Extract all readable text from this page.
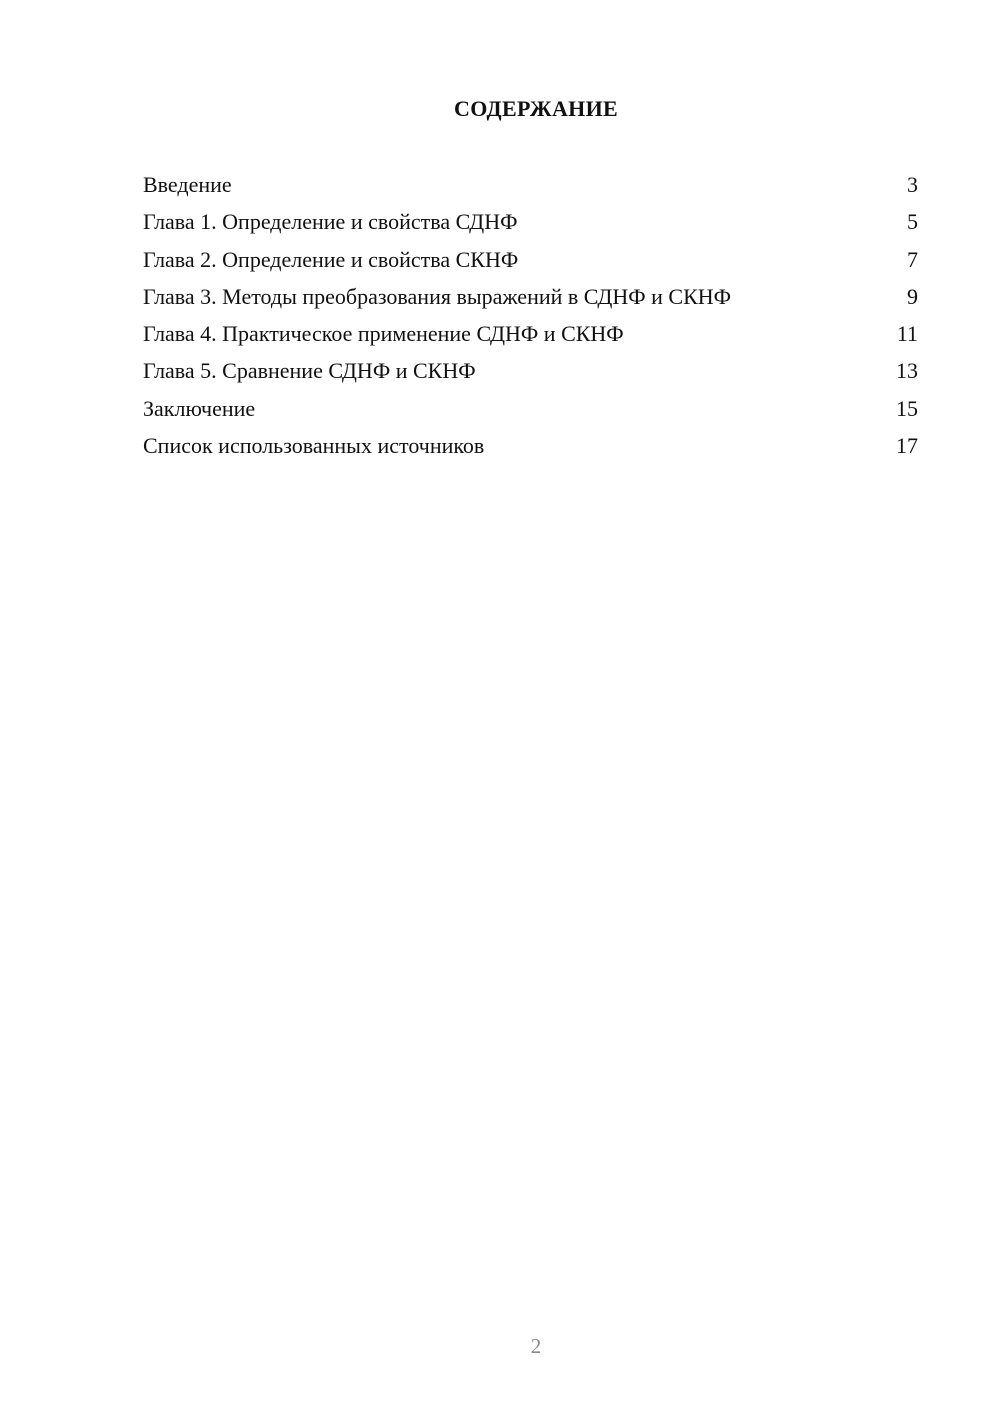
СОДЕРЖАНИЕ
Введение	3
Глава 1. Определение и свойства СДНФ	5
Глава 2. Определение и свойства СКНФ	7
Глава 3. Методы преобразования выражений в СДНФ и СКНФ	9
Глава 4. Практическое применение СДНФ и СКНФ	11
Глава 5. Сравнение СДНФ и СКНФ	13
Заключение	15
Список использованных источников	17
2
